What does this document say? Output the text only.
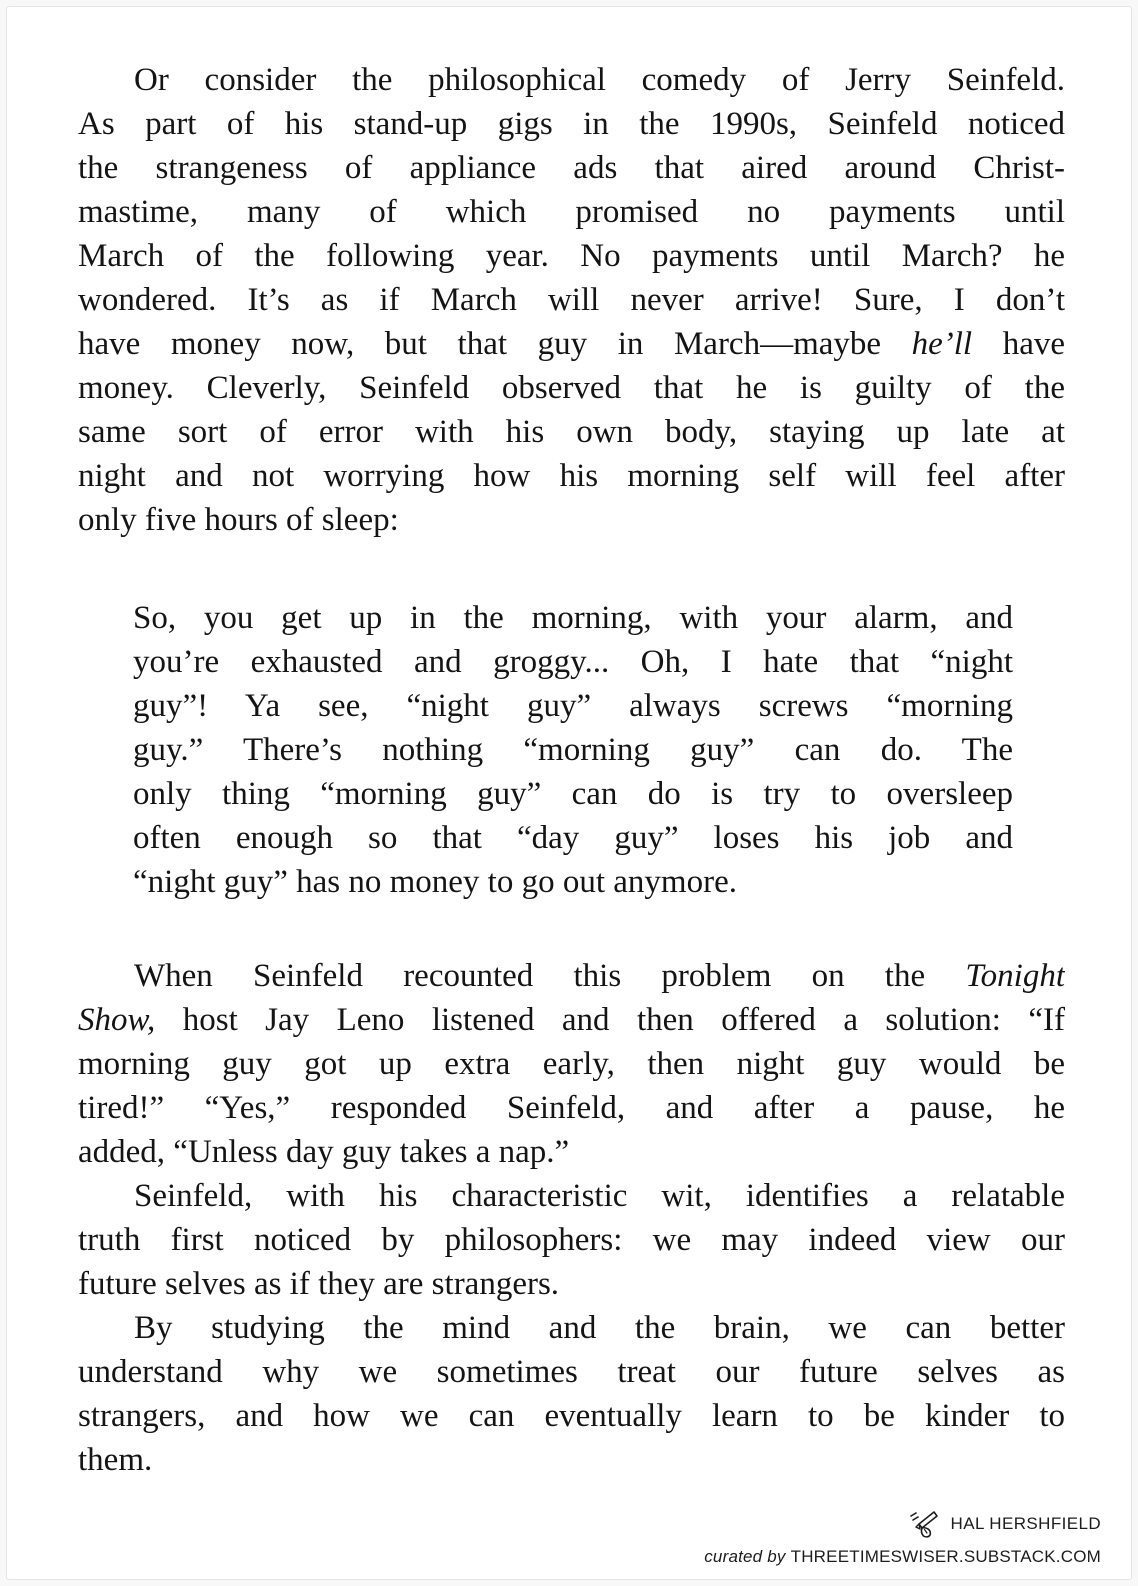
Or consider the philosophical comedy of Jerry Seinfeld.
As part of his stand-up gigs in the 1990s, Seinfeld noticed
the strangeness of appliance ads that aired around Christ-
mastime, many of which promised no payments until
March of the following year. No payments until March? he
wondered. It’s as if March will never arrive! Sure, I don’t
have money now, but that guy in March—maybe he’ll have
money. Cleverly, Seinfeld observed that he is guilty of the
same sort of error with his own body, staying up late at
night and not worrying how his morning self will feel after
only five hours of sleep:
So, you get up in the morning, with your alarm, and
you’re exhausted and groggy... Oh, I hate that “night
guy”! Ya see, “night guy” always screws “morning
guy.” There’s nothing “morning guy” can do. The
only thing “morning guy” can do is try to oversleep
often enough so that “day guy” loses his job and
“night guy” has no money to go out anymore.
When Seinfeld recounted this problem on the Tonight
Show, host Jay Leno listened and then offered a solution: “If
morning guy got up extra early, then night guy would be
tired!” “Yes,” responded Seinfeld, and after a pause, he
added, “Unless day guy takes a nap.”
Seinfeld, with his characteristic wit, identifies a relatable
truth first noticed by philosophers: we may indeed view our
future selves as if they are strangers.
By studying the mind and the brain, we can better
understand why we sometimes treat our future selves as
strangers, and how we can eventually learn to be kinder to
them.
HAL HERSHFIELD
curated by THREETIMESWISER.SUBSTACK.COM
